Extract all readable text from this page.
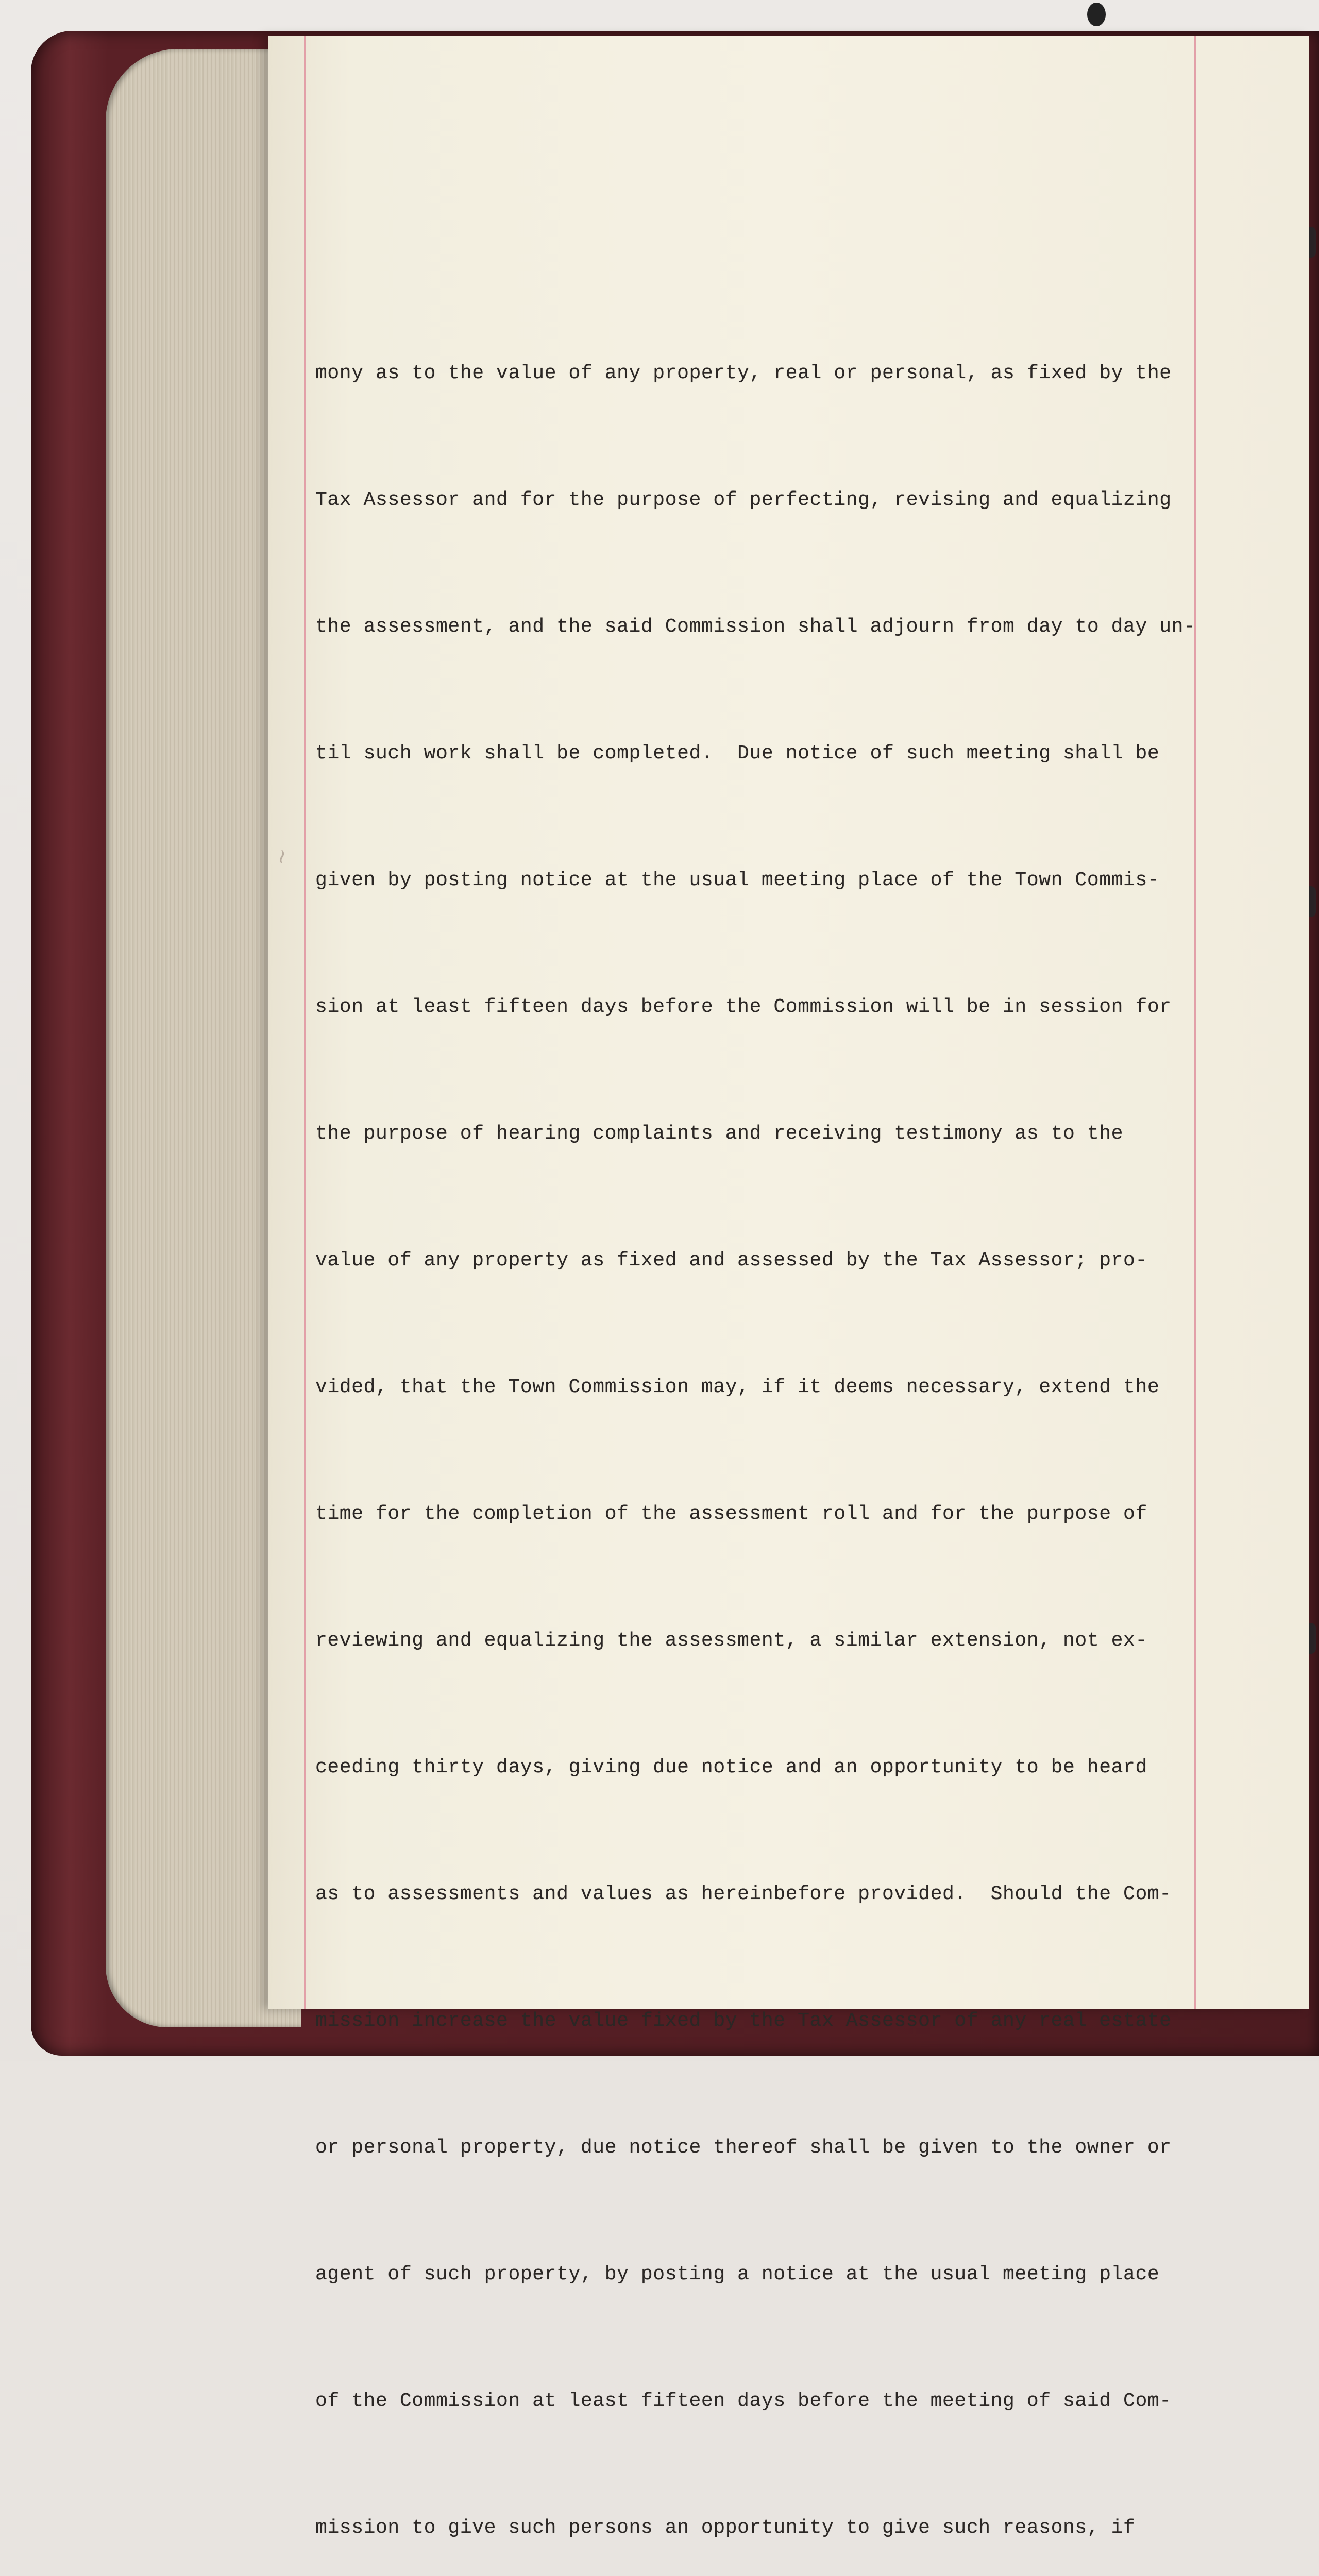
~

mony as to the value of any property, real or personal, as fixed by the

Tax Assessor and for the purpose of perfecting, revising and equalizing

the assessment, and the said Commission shall adjourn from day to day un-

til such work shall be completed.  Due notice of such meeting shall be

given by posting notice at the usual meeting place of the Town Commis-

sion at least fifteen days before the Commission will be in session for

the purpose of hearing complaints and receiving testimony as to the

value of any property as fixed and assessed by the Tax Assessor; pro-

vided, that the Town Commission may, if it deems necessary, extend the

time for the completion of the assessment roll and for the purpose of

reviewing and equalizing the assessment, a similar extension, not ex-

ceeding thirty days, giving due notice and an opportunity to be heard

as to assessments and values as hereinbefore provided.  Should the Com-

mission increase the value fixed by the Tax Assessor of any real estate

or personal property, due notice thereof shall be given to the owner or

agent of such property, by posting a notice at the usual meeting place

of the Commission at least fifteen days before the meeting of said Com-

mission to give such persons an opportunity to give such reasons, if
